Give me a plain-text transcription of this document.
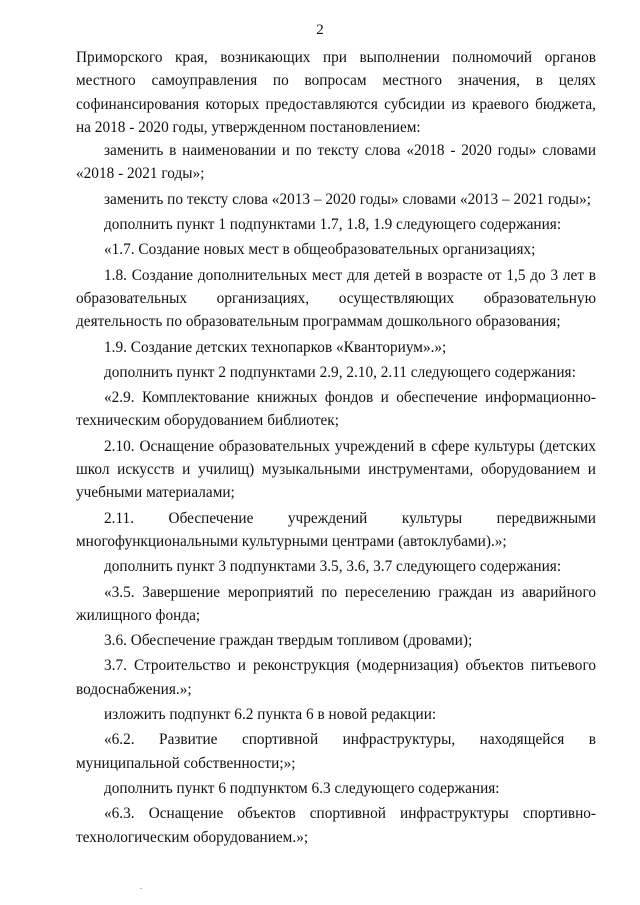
2

Приморского края, возникающих при выполнении полномочий органов местного самоуправления по вопросам местного значения, в целях софинансирования которых предоставляются субсидии из краевого бюджета, на 2018 - 2020 годы, утвержденном постановлением:

заменить в наименовании и по тексту слова «2018 - 2020 годы» словами «2018 - 2021 годы»;

заменить по тексту слова «2013 – 2020 годы» словами «2013 – 2021 годы»;

дополнить пункт 1 подпунктами 1.7, 1.8, 1.9 следующего содержания:

«1.7. Создание новых мест в общеобразовательных организациях;

1.8. Создание дополнительных мест для детей в возрасте от 1,5 до 3 лет в образовательных организациях, осуществляющих образовательную деятельность по образовательным программам дошкольного образования;

1.9. Создание детских технопарков «Кванториум».»;

дополнить пункт 2 подпунктами 2.9, 2.10, 2.11 следующего содержания:

«2.9. Комплектование книжных фондов и обеспечение информационно-техническим оборудованием библиотек;

2.10. Оснащение образовательных учреждений в сфере культуры (детских школ искусств и училищ) музыкальными инструментами, оборудованием и учебными материалами;

2.11. Обеспечение учреждений культуры передвижными многофункциональными культурными центрами (автоклубами).»;

дополнить пункт 3 подпунктами 3.5, 3.6, 3.7 следующего содержания:

«3.5. Завершение мероприятий по переселению граждан из аварийного жилищного фонда;

3.6. Обеспечение граждан твердым топливом (дровами);

3.7. Строительство и реконструкция (модернизация) объектов питьевого водоснабжения.»;

изложить подпункт 6.2 пункта 6 в новой редакции:

«6.2. Развитие спортивной инфраструктуры, находящейся в муниципальной собственности;»;

дополнить пункт 6 подпунктом 6.3 следующего содержания:

«6.3. Оснащение объектов спортивной инфраструктуры спортивно-технологическим оборудованием.»;
